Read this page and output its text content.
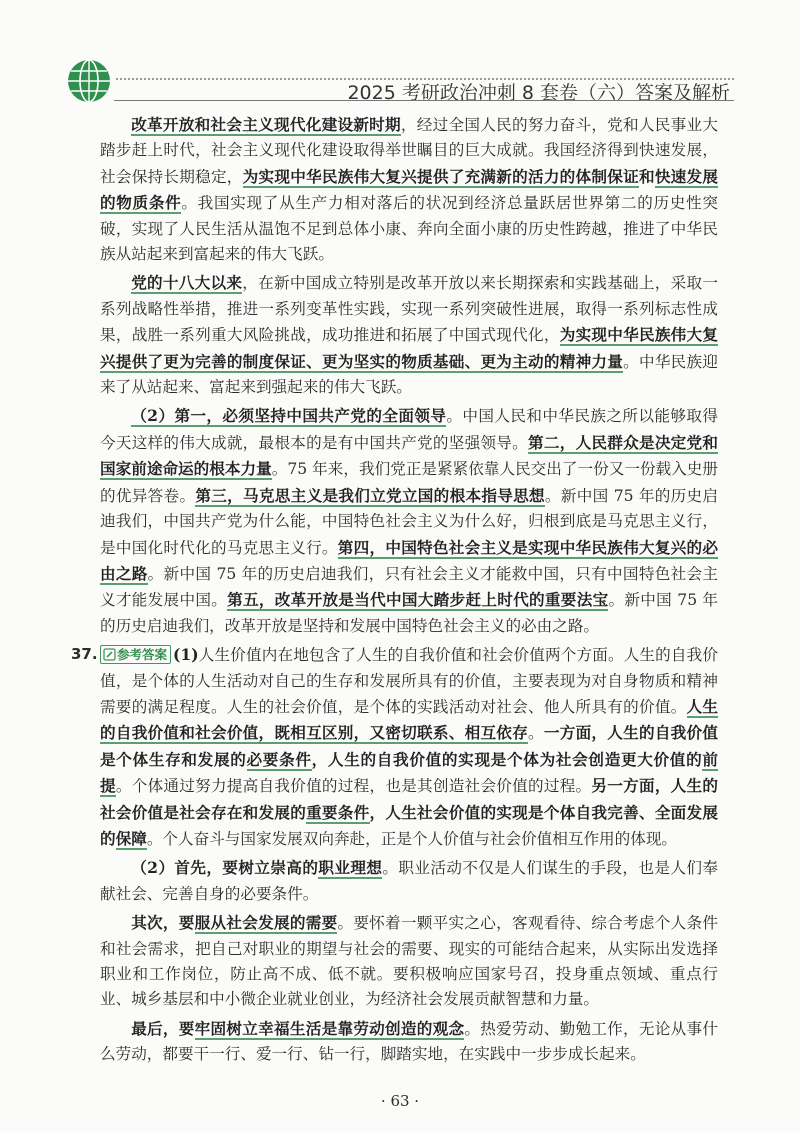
2025 考研政治冲刺 8 套卷（六）答案及解析

改革开放和社会主义现代化建设新时期，经过全国人民的努力奋斗，党和人民事业大踏步赶上时代，社会主义现代化建设取得举世瞩目的巨大成就。我国经济得到快速发展，社会保持长期稳定，为实现中华民族伟大复兴提供了充满新的活力的体制保证和快速发展的物质条件。我国实现了从生产力相对落后的状况到经济总量跃居世界第二的历史性突破，实现了人民生活从温饱不足到总体小康、奔向全面小康的历史性跨越，推进了中华民族从站起来到富起来的伟大飞跃。

党的十八大以来，在新中国成立特别是改革开放以来长期探索和实践基础上，采取一系列战略性举措，推进一系列变革性实践，实现一系列突破性进展，取得一系列标志性成果，战胜一系列重大风险挑战，成功推进和拓展了中国式现代化，为实现中华民族伟大复兴提供了更为完善的制度保证、更为坚实的物质基础、更为主动的精神力量。中华民族迎来了从站起来、富起来到强起来的伟大飞跃。

（2）第一，必须坚持中国共产党的全面领导。中国人民和中华民族之所以能够取得今天这样的伟大成就，最根本的是有中国共产党的坚强领导。第二，人民群众是决定党和国家前途命运的根本力量。75 年来，我们党正是紧紧依靠人民交出了一份又一份载入史册的优异答卷。第三，马克思主义是我们立党立国的根本指导思想。新中国 75 年的历史启迪我们，中国共产党为什么能，中国特色社会主义为什么好，归根到底是马克思主义行，是中国化时代化的马克思主义行。第四，中国特色社会主义是实现中华民族伟大复兴的必由之路。新中国 75 年的历史启迪我们，只有社会主义才能救中国，只有中国特色社会主义才能发展中国。第五，改革开放是当代中国大踏步赶上时代的重要法宝。新中国 75 年的历史启迪我们，改革开放是坚持和发展中国特色社会主义的必由之路。

37. 参考答案 (1)人生价值内在地包含了人生的自我价值和社会价值两个方面。人生的自我价值，是个体的人生活动对自己的生存和发展所具有的价值，主要表现为对自身物质和精神需要的满足程度。人生的社会价值，是个体的实践活动对社会、他人所具有的价值。人生的自我价值和社会价值，既相互区别，又密切联系、相互依存。一方面，人生的自我价值是个体生存和发展的必要条件，人生的自我价值的实现是个体为社会创造更大价值的前提。个体通过努力提高自我价值的过程，也是其创造社会价值的过程。另一方面，人生的社会价值是社会存在和发展的重要条件，人生社会价值的实现是个体自我完善、全面发展的保障。个人奋斗与国家发展双向奔赴，正是个人价值与社会价值相互作用的体现。

（2）首先，要树立崇高的职业理想。职业活动不仅是人们谋生的手段，也是人们奉献社会、完善自身的必要条件。

其次，要服从社会发展的需要。要怀着一颗平实之心，客观看待、综合考虑个人条件和社会需求，把自己对职业的期望与社会的需要、现实的可能结合起来，从实际出发选择职业和工作岗位，防止高不成、低不就。要积极响应国家号召，投身重点领域、重点行业、城乡基层和中小微企业就业创业，为经济社会发展贡献智慧和力量。

最后，要牢固树立幸福生活是靠劳动创造的观念。热爱劳动、勤勉工作，无论从事什么劳动，都要干一行、爱一行、钻一行，脚踏实地，在实践中一步步成长起来。

· 63 ·
